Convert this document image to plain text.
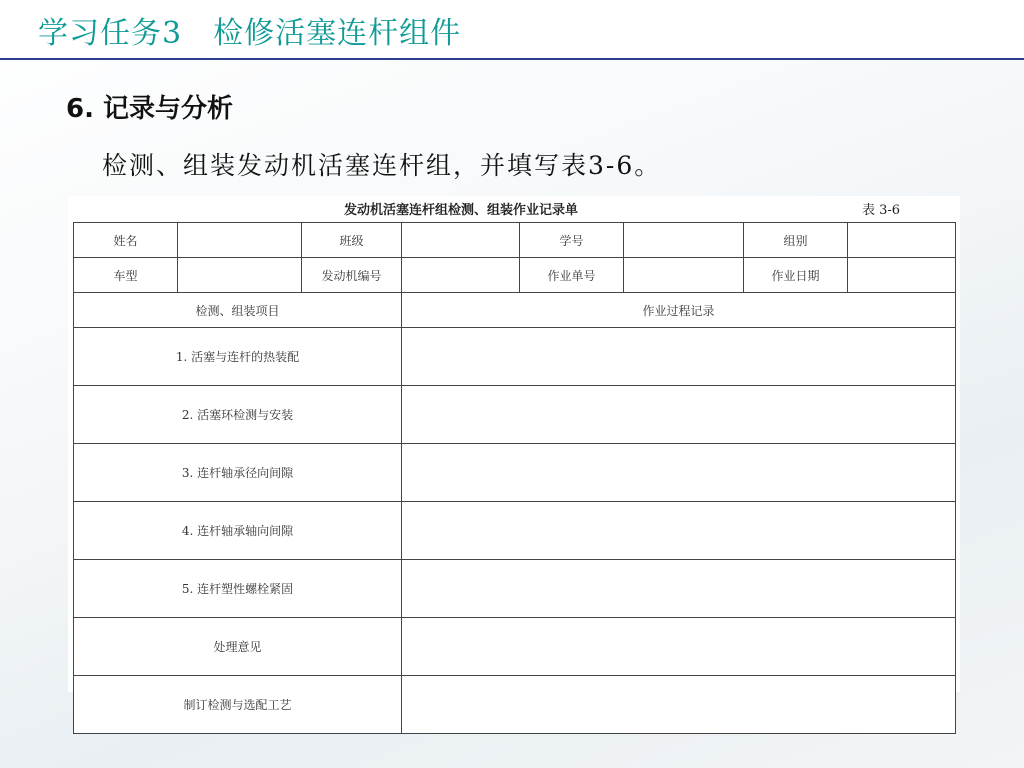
学习任务3　检修活塞连杆组件
6. 记录与分析
检测、组装发动机活塞连杆组，并填写表3-6。
发动机活塞连杆组检测、组装作业记录单	表 3-6
姓名		班级		学号		组别	
车型		发动机编号		作业单号		作业日期	
检测、组装项目			作业过程记录				
1. 活塞与连杆的热装配							
2. 活塞环检测与安装							
3. 连杆轴承径向间隙							
4. 连杆轴承轴向间隙							
5. 连杆塑性螺栓紧固							
处理意见							
制订检测与选配工艺							
